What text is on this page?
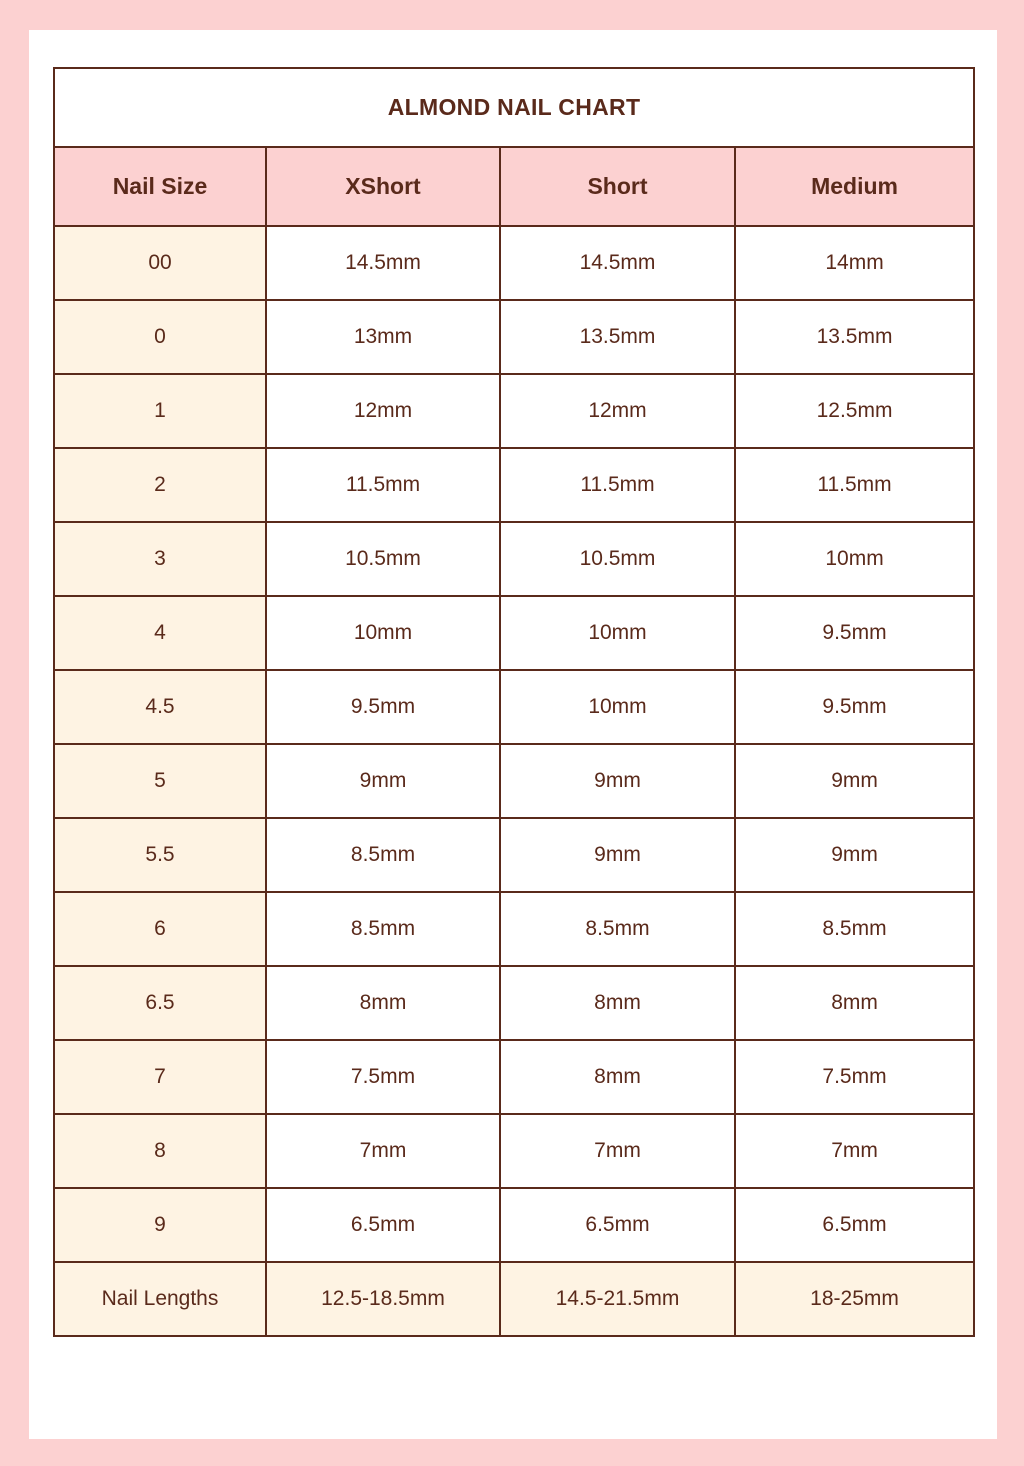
ALMOND NAIL CHART			
Nail Size	XShort	Short	Medium
00	14.5mm	14.5mm	14mm
0	13mm	13.5mm	13.5mm
1	12mm	12mm	12.5mm
2	11.5mm	11.5mm	11.5mm
3	10.5mm	10.5mm	10mm
4	10mm	10mm	9.5mm
4.5	9.5mm	10mm	9.5mm
5	9mm	9mm	9mm
5.5	8.5mm	9mm	9mm
6	8.5mm	8.5mm	8.5mm
6.5	8mm	8mm	8mm
7	7.5mm	8mm	7.5mm
8	7mm	7mm	7mm
9	6.5mm	6.5mm	6.5mm
Nail Lengths	12.5-18.5mm	14.5-21.5mm	18-25mm
